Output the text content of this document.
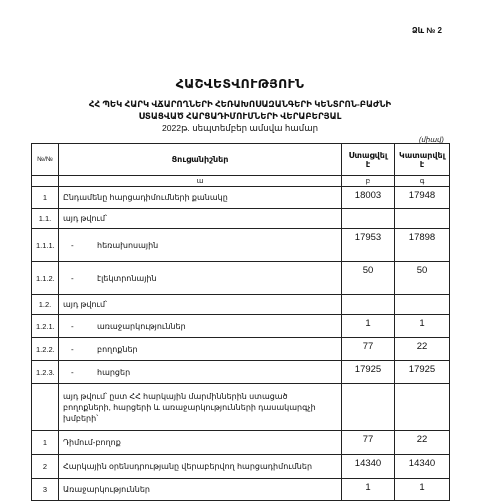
Ձև № 2
ՀԱՇՎԵՏՎՈՒԹՅՈՒՆ
ՀՀ ՊԵԿ ՀԱՐԿ ՎՃԱՐՈՂՆԵՐԻ ՀԵՌԱԽՈՍԱԶԱՆԳԵՐԻ ԿԵՆՏՐՈՆ-ԲԱԺՆԻ
ՍՏԱՑՎԱԾ ՀԱՐՑԱԴԻՄՈՒՄՆԵՐԻ ՎԵՐԱԲԵՐՅԱԼ
2022թ. սեպտեմբեր ամսվա համար
(միավ)
№/№	Ցուցանիշներ	Ստացվել է	Կատարվել է
	ա	բ	գ
1	Ընդամենը հարցադիմումների քանակը	18003	17948
1.1.	այդ թվում՝		
1.1.1.	- հեռախոսային	17953	17898
1.1.2.	- էլեկտրոնային	50	50
1.2.	այդ թվում՝		
1.2.1.	- առաջարկություններ	1	1
1.2.2.	- բողոքներ	77	22
1.2.3.	- հարցեր	17925	17925
	այդ թվում՝ ըստ ՀՀ հարկային մարմիններին ստացած բողոքների, հարցերի և առաջարկությունների դասակարգչի խմբերի՝		
1	Դիմում-բողոք	77	22
2	Հարկային օրենսդրությանը վերաբերվող հարցադիմումներ	14340	14340
3	Առաջարկություններ	1	1
